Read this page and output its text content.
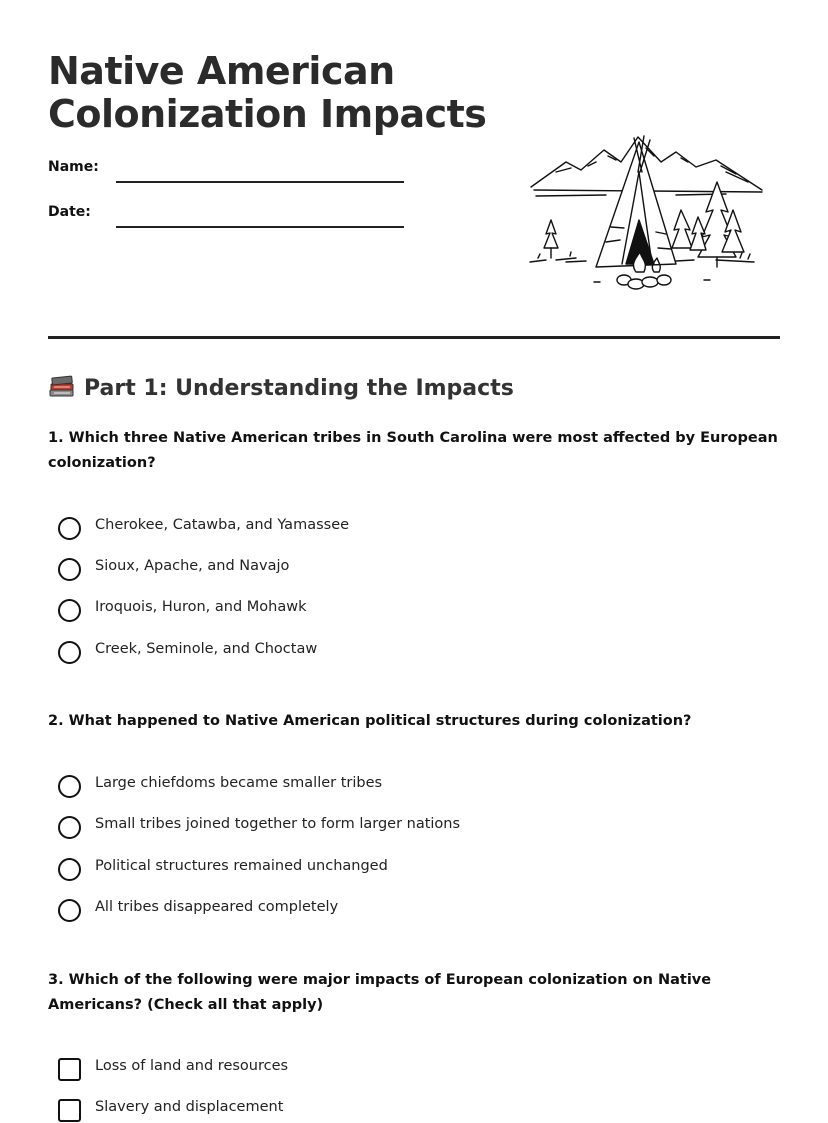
Native American
Colonization Impacts
Name:
Date:
Part 1: Understanding the Impacts

1. Which three Native American tribes in South Carolina were most affected by European colonization?

Cherokee, Catawba, and Yamassee
Sioux, Apache, and Navajo
Iroquois, Huron, and Mohawk
Creek, Seminole, and Choctaw

2. What happened to Native American political structures during colonization?

Large chiefdoms became smaller tribes
Small tribes joined together to form larger nations
Political structures remained unchanged
All tribes disappeared completely

3. Which of the following were major impacts of European colonization on Native Americans? (Check all that apply)

Loss of land and resources
Slavery and displacement
